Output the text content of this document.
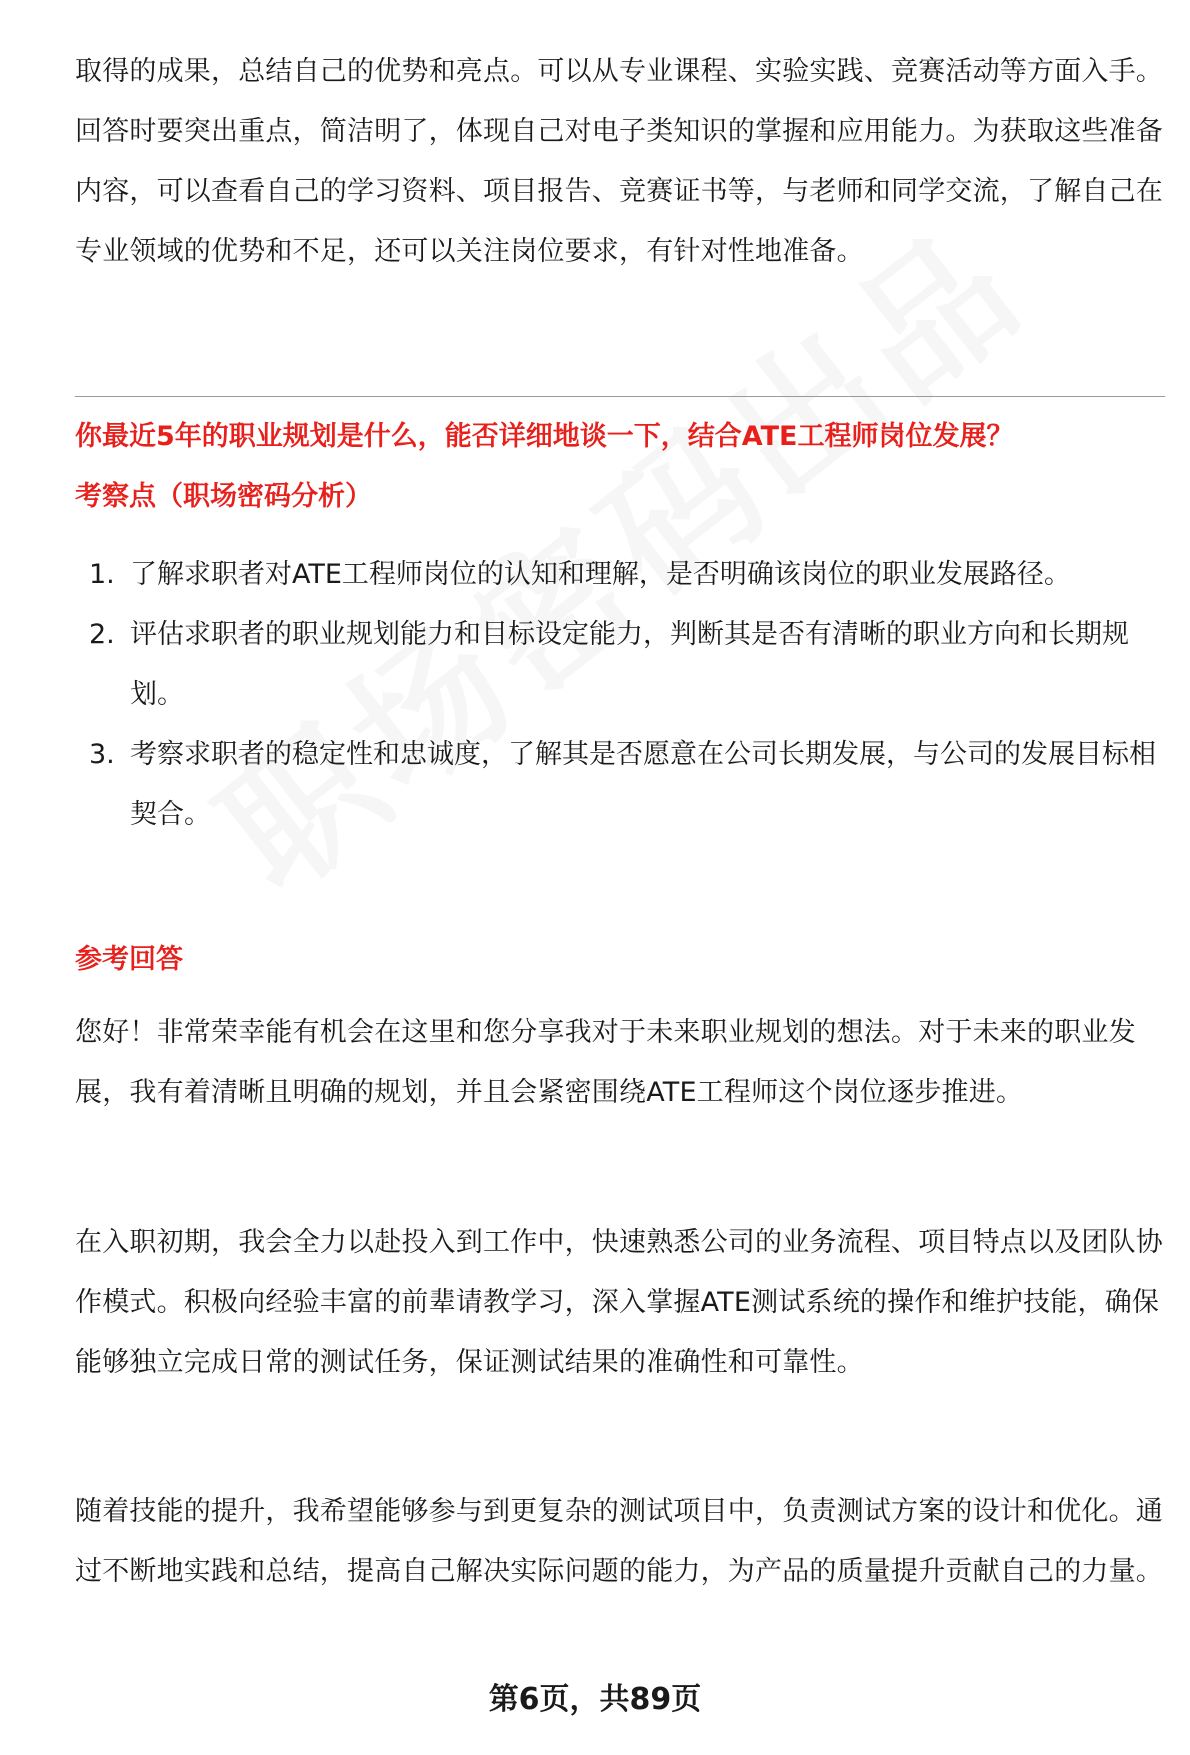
取得的成果，总结自己的优势和亮点。可以从专业课程、实验实践、竞赛活动等方面入手。回答时要突出重点，简洁明了，体现自己对电子类知识的掌握和应用能力。为获取这些准备内容，可以查看自己的学习资料、项目报告、竞赛证书等，与老师和同学交流，了解自己在专业领域的优势和不足，还可以关注岗位要求，有针对性地准备。

你最近5年的职业规划是什么，能否详细地谈一下，结合ATE工程师岗位发展？

考察点（职场密码分析）

1. 了解求职者对ATE工程师岗位的认知和理解，是否明确该岗位的职业发展路径。
2. 评估求职者的职业规划能力和目标设定能力，判断其是否有清晰的职业方向和长期规划。
3. 考察求职者的稳定性和忠诚度，了解其是否愿意在公司长期发展，与公司的发展目标相契合。

参考回答

您好！非常荣幸能有机会在这里和您分享我对于未来职业规划的想法。对于未来的职业发展，我有着清晰且明确的规划，并且会紧密围绕ATE工程师这个岗位逐步推进。

在入职初期，我会全力以赴投入到工作中，快速熟悉公司的业务流程、项目特点以及团队协作模式。积极向经验丰富的前辈请教学习，深入掌握ATE测试系统的操作和维护技能，确保能够独立完成日常的测试任务，保证测试结果的准确性和可靠性。

随着技能的提升，我希望能够参与到更复杂的测试项目中，负责测试方案的设计和优化。通过不断地实践和总结，提高自己解决实际问题的能力，为产品的质量提升贡献自己的力量。

第6页，共89页
